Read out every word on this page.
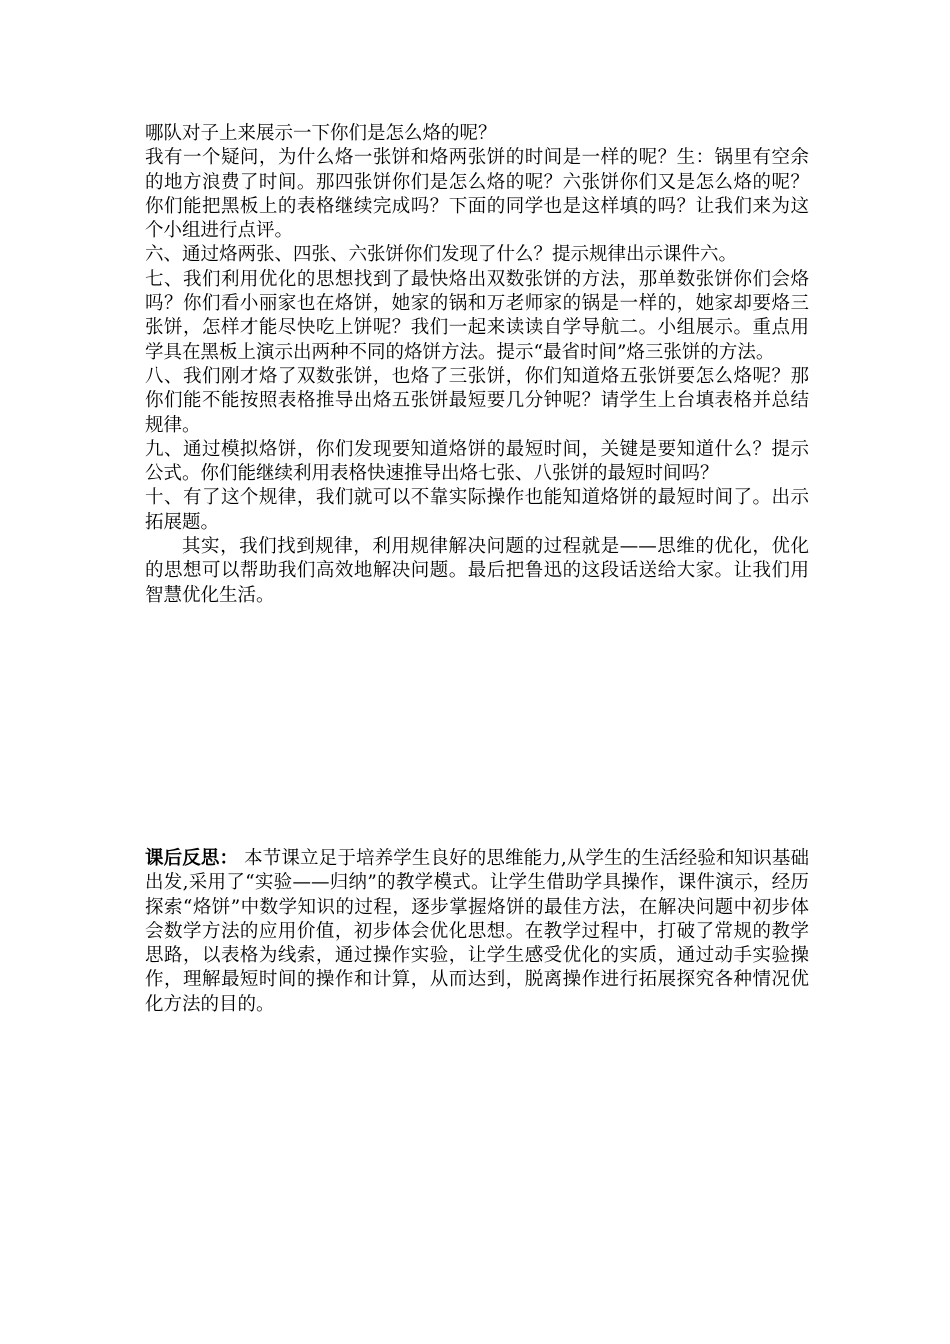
哪队对子上来展示一下你们是怎么烙的呢？

我有一个疑问，为什么烙一张饼和烙两张饼的时间是一样的呢？生：锅里有空余的地方浪费了时间。那四张饼你们是怎么烙的呢？六张饼你们又是怎么烙的呢？你们能把黑板上的表格继续完成吗？下面的同学也是这样填的吗？让我们来为这个小组进行点评。

六、通过烙两张、四张、六张饼你们发现了什么？提示规律出示课件六。

七、我们利用优化的思想找到了最快烙出双数张饼的方法，那单数张饼你们会烙吗？你们看小丽家也在烙饼，她家的锅和万老师家的锅是一样的，她家却要烙三张饼，怎样才能尽快吃上饼呢？我们一起来读读自学导航二。小组展示。重点用学具在黑板上演示出两种不同的烙饼方法。提示“最省时间”烙三张饼的方法。

八、我们刚才烙了双数张饼，也烙了三张饼，你们知道烙五张饼要怎么烙呢？那你们能不能按照表格推导出烙五张饼最短要几分钟呢？请学生上台填表格并总结规律。

九、通过模拟烙饼，你们发现要知道烙饼的最短时间，关键是要知道什么？提示公式。你们能继续利用表格快速推导出烙七张、八张饼的最短时间吗？

十、有了这个规律，我们就可以不靠实际操作也能知道烙饼的最短时间了。出示拓展题。

其实，我们找到规律，利用规律解决问题的过程就是——思维的优化，优化的思想可以帮助我们高效地解决问题。最后把鲁迅的这段话送给大家。让我们用智慧优化生活。

课后反思： 本节课立足于培养学生良好的思维能力,从学生的生活经验和知识基础出发,采用了“实验——归纳”的教学模式。让学生借助学具操作，课件演示，经历探索“烙饼”中数学知识的过程，逐步掌握烙饼的最佳方法，在解决问题中初步体会数学方法的应用价值，初步体会优化思想。在教学过程中，打破了常规的教学思路，以表格为线索，通过操作实验，让学生感受优化的实质，通过动手实验操作，理解最短时间的操作和计算，从而达到，脱离操作进行拓展探究各种情况优化方法的目的。
